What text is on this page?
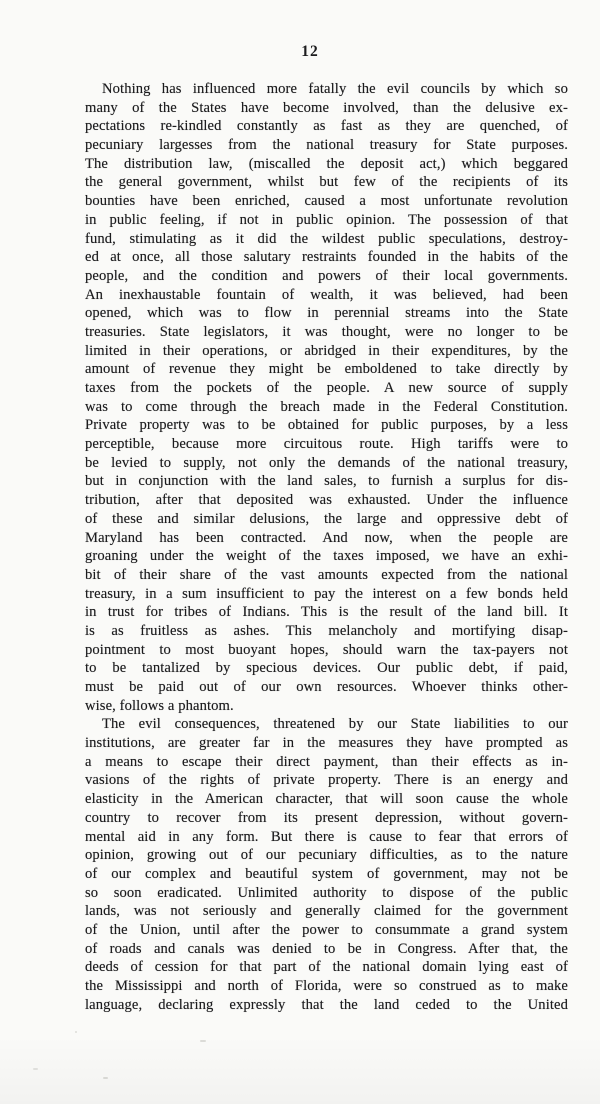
12
Nothing has influenced more fatally the evil councils by which so
many of the States have become involved, than the delusive ex-
pectations re-kindled constantly as fast as they are quenched, of
pecuniary largesses from the national treasury for State purposes.
The distribution law, (miscalled the deposit act,) which beggared
the general government, whilst but few of the recipients of its
bounties have been enriched, caused a most unfortunate revolution
in public feeling, if not in public opinion. The possession of that
fund, stimulating as it did the wildest public speculations, destroy-
ed at once, all those salutary restraints founded in the habits of the
people, and the condition and powers of their local governments.
An inexhaustable fountain of wealth, it was believed, had been
opened, which was to flow in perennial streams into the State
treasuries. State legislators, it was thought, were no longer to be
limited in their operations, or abridged in their expenditures, by the
amount of revenue they might be emboldened to take directly by
taxes from the pockets of the people. A new source of supply
was to come through the breach made in the Federal Constitution.
Private property was to be obtained for public purposes, by a less
perceptible, because more circuitous route. High tariffs were to
be levied to supply, not only the demands of the national treasury,
but in conjunction with the land sales, to furnish a surplus for dis-
tribution, after that deposited was exhausted. Under the influence
of these and similar delusions, the large and oppressive debt of
Maryland has been contracted. And now, when the people are
groaning under the weight of the taxes imposed, we have an exhi-
bit of their share of the vast amounts expected from the national
treasury, in a sum insufficient to pay the interest on a few bonds held
in trust for tribes of Indians. This is the result of the land bill. It
is as fruitless as ashes. This melancholy and mortifying disap-
pointment to most buoyant hopes, should warn the tax-payers not
to be tantalized by specious devices. Our public debt, if paid,
must be paid out of our own resources. Whoever thinks other-
wise, follows a phantom.
The evil consequences, threatened by our State liabilities to our
institutions, are greater far in the measures they have prompted as
a means to escape their direct payment, than their effects as in-
vasions of the rights of private property. There is an energy and
elasticity in the American character, that will soon cause the whole
country to recover from its present depression, without govern-
mental aid in any form. But there is cause to fear that errors of
opinion, growing out of our pecuniary difficulties, as to the nature
of our complex and beautiful system of government, may not be
so soon eradicated. Unlimited authority to dispose of the public
lands, was not seriously and generally claimed for the government
of the Union, until after the power to consummate a grand system
of roads and canals was denied to be in Congress. After that, the
deeds of cession for that part of the national domain lying east of
the Mississippi and north of Florida, were so construed as to make
language, declaring expressly that the land ceded to the United
